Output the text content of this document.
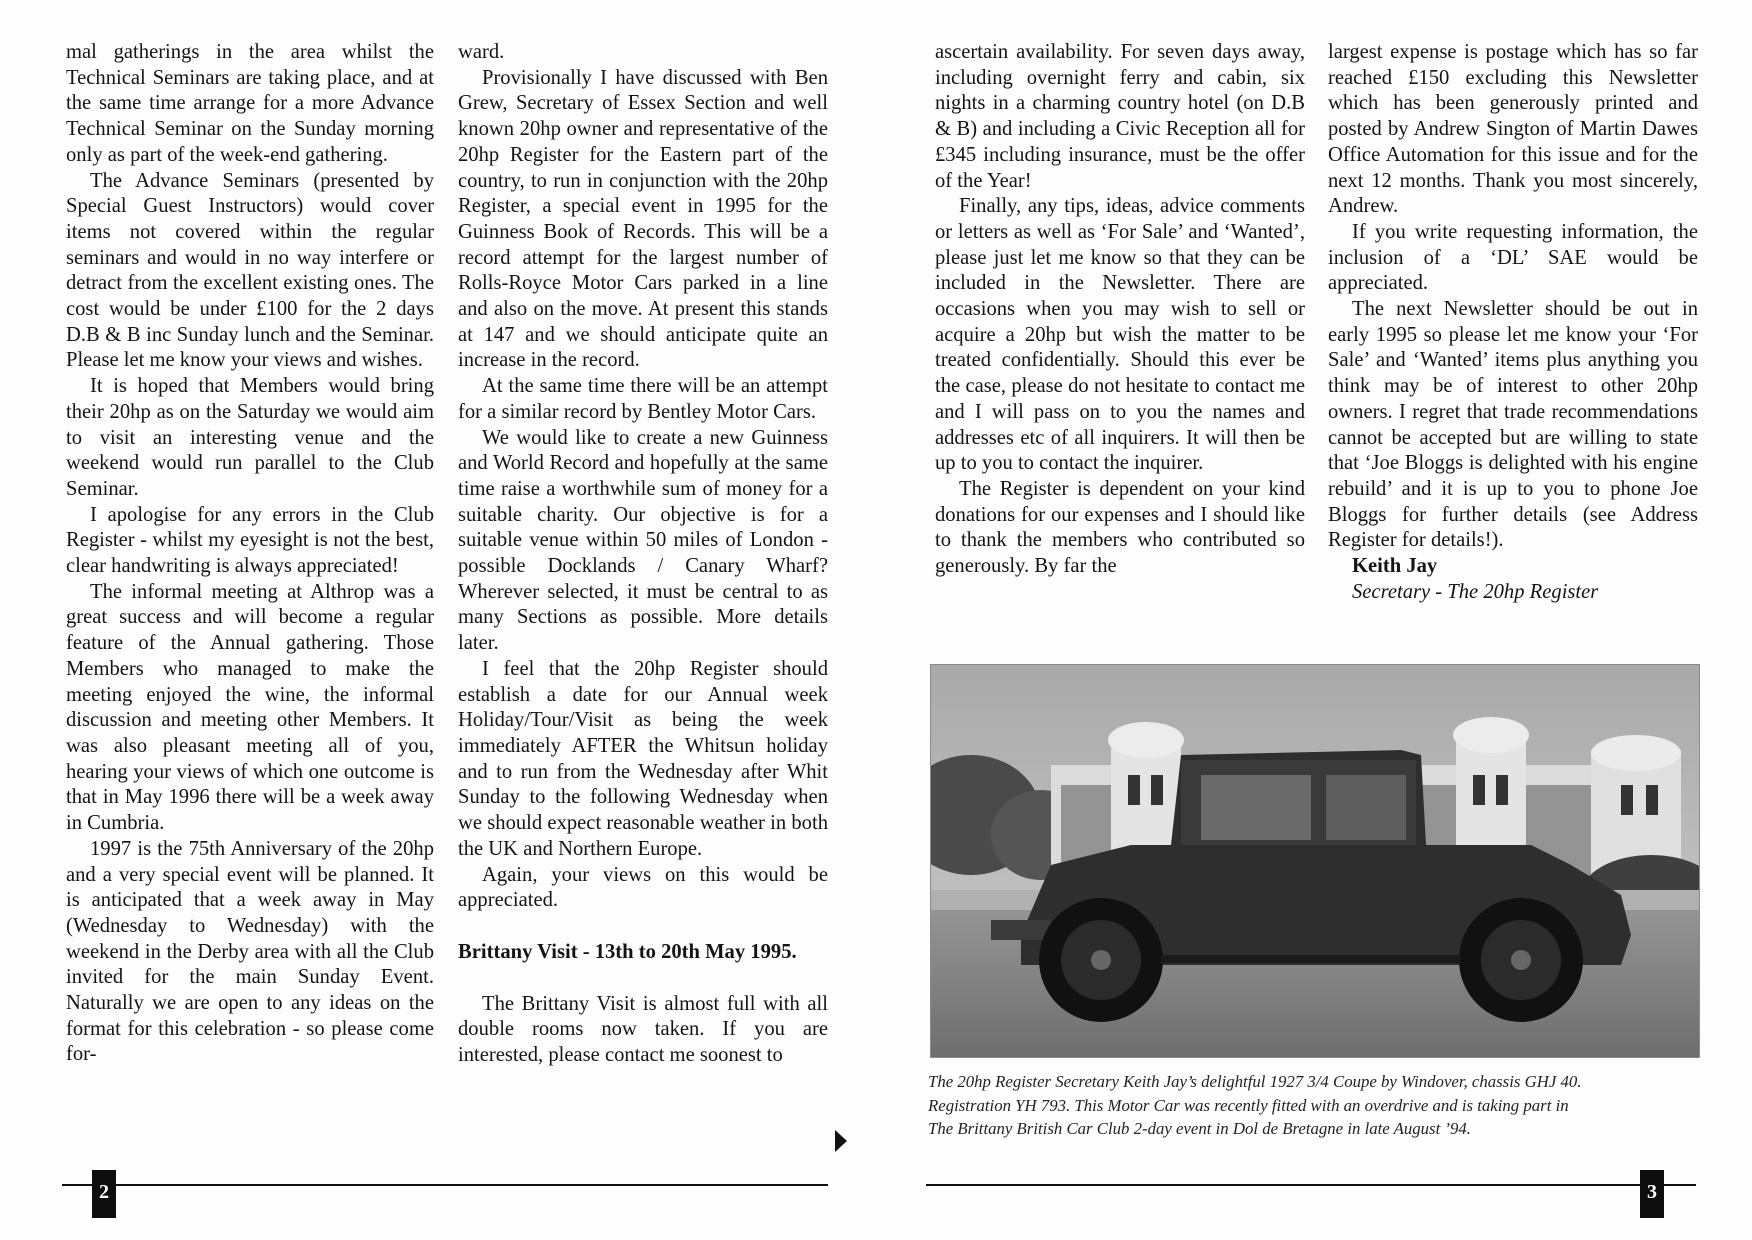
mal gatherings in the area whilst the Technical Seminars are taking place, and at the same time arrange for a more Advance Technical Seminar on the Sunday morning only as part of the week-end gathering.

The Advance Seminars (presented by Special Guest Instructors) would cover items not covered within the regular seminars and would in no way interfere or detract from the excellent existing ones. The cost would be under £100 for the 2 days D.B & B inc Sunday lunch and the Seminar. Please let me know your views and wishes.

It is hoped that Members would bring their 20hp as on the Saturday we would aim to visit an interesting venue and the weekend would run parallel to the Club Seminar.

I apologise for any errors in the Club Register - whilst my eyesight is not the best, clear handwriting is always appreciated!

The informal meeting at Althrop was a great success and will become a regular feature of the Annual gathering. Those Members who managed to make the meeting enjoyed the wine, the informal discussion and meeting other Members. It was also pleasant meeting all of you, hearing your views of which one outcome is that in May 1996 there will be a week away in Cumbria.

1997 is the 75th Anniversary of the 20hp and a very special event will be planned. It is anticipated that a week away in May (Wednesday to Wednesday) with the weekend in the Derby area with all the Club invited for the main Sunday Event. Naturally we are open to any ideas on the format for this celebration - so please come for-

ward.

Provisionally I have discussed with Ben Grew, Secretary of Essex Section and well known 20hp owner and representative of the 20hp Register for the Eastern part of the country, to run in conjunction with the 20hp Register, a special event in 1995 for the Guinness Book of Records. This will be a record attempt for the largest number of Rolls-Royce Motor Cars parked in a line and also on the move. At present this stands at 147 and we should anticipate quite an increase in the record.

At the same time there will be an attempt for a similar record by Bentley Motor Cars.

We would like to create a new Guinness and World Record and hopefully at the same time raise a worthwhile sum of money for a suitable charity. Our objective is for a suitable venue within 50 miles of London - possible Docklands / Canary Wharf? Wherever selected, it must be central to as many Sections as possible. More details later.

I feel that the 20hp Register should establish a date for our Annual week Holiday/Tour/Visit as being the week immediately AFTER the Whitsun holiday and to run from the Wednesday after Whit Sunday to the following Wednesday when we should expect reasonable weather in both the UK and Northern Europe.

Again, your views on this would be appreciated.

Brittany Visit - 13th to 20th May 1995.

The Brittany Visit is almost full with all double rooms now taken. If you are interested, please contact me soonest to

2

ascertain availability. For seven days away, including overnight ferry and cabin, six nights in a charming country hotel (on D.B & B) and including a Civic Reception all for £345 including insurance, must be the offer of the Year!

Finally, any tips, ideas, advice comments or letters as well as ‘For Sale’ and ‘Wanted’, please just let me know so that they can be included in the Newsletter. There are occasions when you may wish to sell or acquire a 20hp but wish the matter to be treated confidentially. Should this ever be the case, please do not hesitate to contact me and I will pass on to you the names and addresses etc of all inquirers. It will then be up to you to contact the inquirer.

The Register is dependent on your kind donations for our expenses and I should like to thank the members who contributed so generously. By far the

largest expense is postage which has so far reached £150 excluding this Newsletter which has been generously printed and posted by Andrew Sington of Martin Dawes Office Automation for this issue and for the next 12 months. Thank you most sincerely, Andrew.

If you write requesting information, the inclusion of a ‘DL’ SAE would be appreciated.

The next Newsletter should be out in early 1995 so please let me know your ‘For Sale’ and ‘Wanted’ items plus anything you think may be of interest to other 20hp owners. I regret that trade recommendations cannot be accepted but are willing to state that ‘Joe Bloggs is delighted with his engine rebuild’ and it is up to you to phone Joe Bloggs for further details (see Address Register for details!).

Keith Jay
Secretary - The 20hp Register
The 20hp Register Secretary Keith Jay’s delightful 1927 3/4 Coupe by Windover, chassis GHJ 40.
Registration YH 793. This Motor Car was recently fitted with an overdrive and is taking part in
The Brittany British Car Club 2-day event in Dol de Bretagne in late August ’94.
3
